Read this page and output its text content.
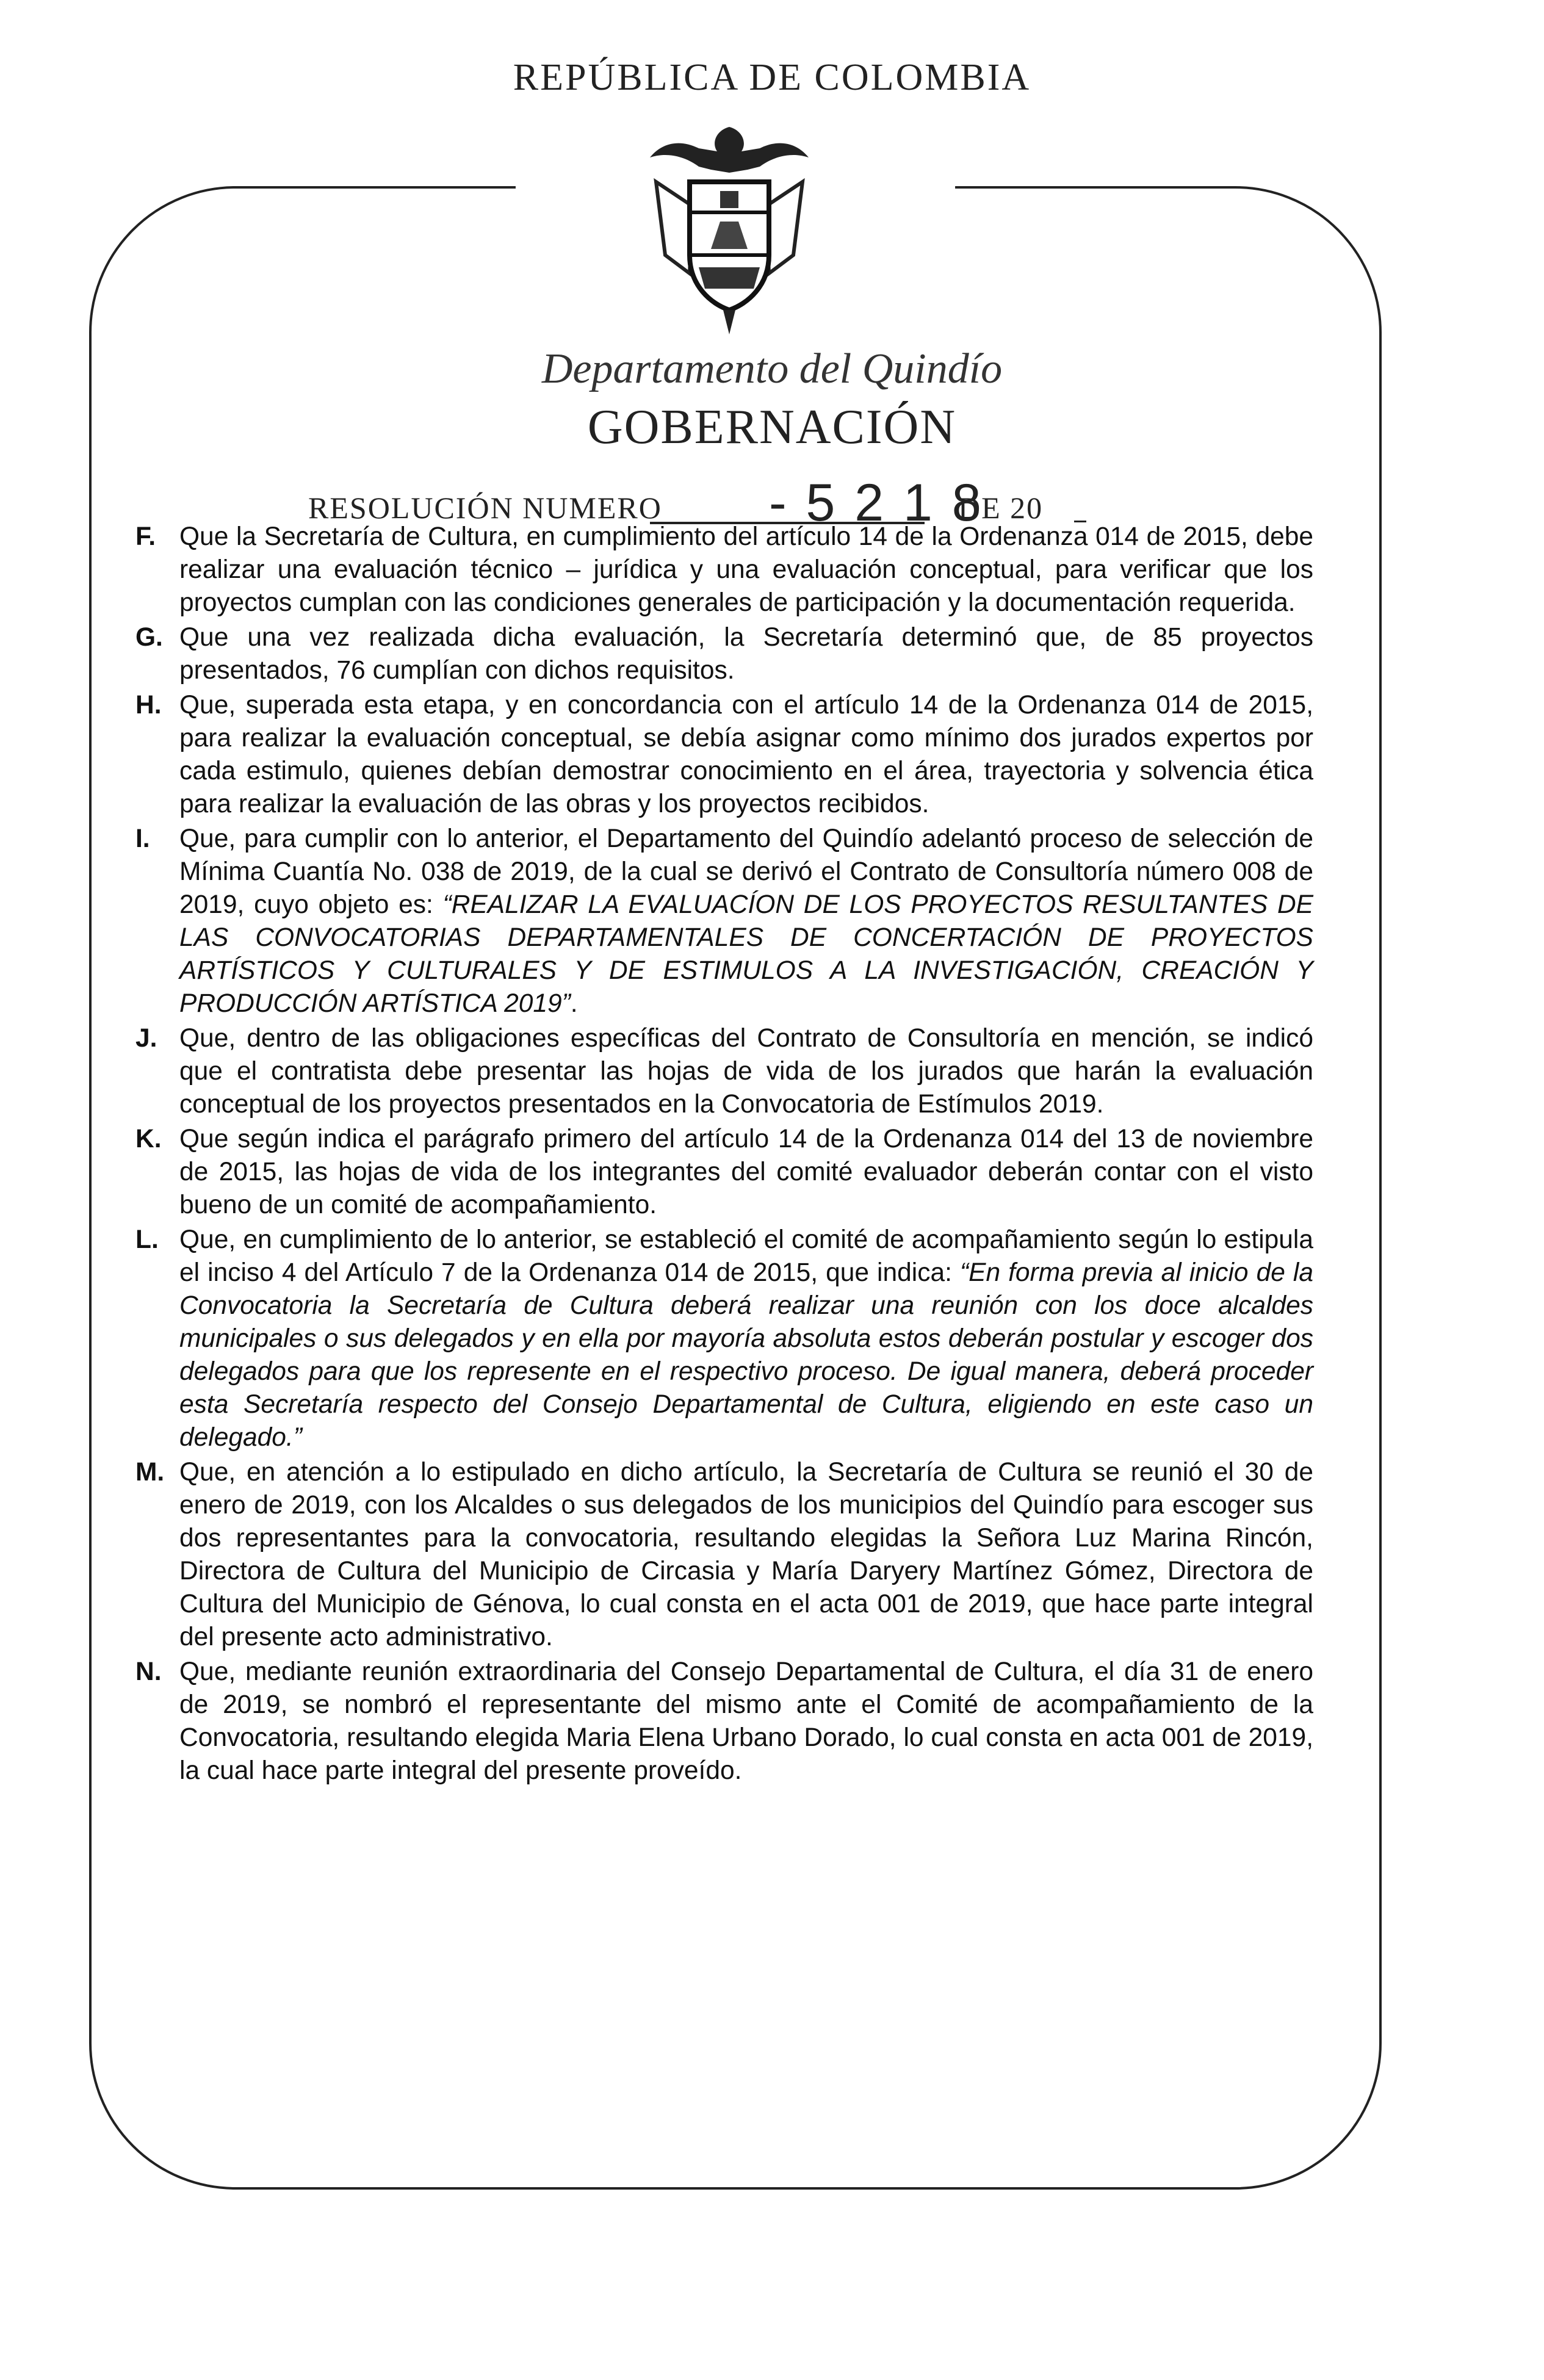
REPÚBLICA DE COLOMBIA
Departamento del Quindío
GOBERNACIÓN
RESOLUCIÓN NUMERO - 5 2 1 8
DE 20
F. Que la Secretaría de Cultura, en cumplimiento del artículo 14 de la Ordenanza 014 de 2015, debe realizar una evaluación técnico – jurídica y una evaluación conceptual, para verificar que los proyectos cumplan con las condiciones generales de participación y la documentación requerida.
G. Que una vez realizada dicha evaluación, la Secretaría determinó que, de 85 proyectos presentados, 76 cumplían con dichos requisitos.
H. Que, superada esta etapa, y en concordancia con el artículo 14 de la Ordenanza 014 de 2015, para realizar la evaluación conceptual, se debía asignar como mínimo dos jurados expertos por cada estimulo, quienes debían demostrar conocimiento en el área, trayectoria y solvencia ética para realizar la evaluación de las obras y los proyectos recibidos.
I.	Que, para cumplir con lo anterior, el Departamento del Quindío adelantó proceso de selección de Mínima Cuantía No. 038 de 2019, de la cual se derivó el Contrato de Consultoría número 008 de 2019, cuyo objeto es: “REALIZAR LA EVALUACÍON DE LOS PROYECTOS RESULTANTES DE LAS CONVOCATORIAS DEPARTAMENTALES DE CONCERTACIÓN DE PROYECTOS ARTÍSTICOS Y CULTURALES Y DE ESTIMULOS A LA INVESTIGACIÓN, CREACIÓN Y PRODUCCIÓN ARTÍSTICA 2019”.
J. Que, dentro de las obligaciones específicas del Contrato de Consultoría en mención, se indicó que el contratista debe presentar las hojas de vida de los jurados que harán la evaluación conceptual de los proyectos presentados en la Convocatoria de Estímulos 2019.
K. Que según indica el parágrafo primero del artículo 14 de la Ordenanza 014 del 13 de noviembre de 2015, las hojas de vida de los integrantes del comité evaluador deberán contar con el visto bueno de un comité de acompañamiento.
L. Que, en cumplimiento de lo anterior, se estableció el comité de acompañamiento según lo estipula el inciso 4 del Artículo 7 de la Ordenanza 014 de 2015, que indica: “En forma previa al inicio de la Convocatoria la Secretaría de Cultura deberá realizar una reunión con los doce alcaldes municipales o sus delegados y en ella por mayoría absoluta estos deberán postular y escoger dos delegados para que los represente en el respectivo proceso. De igual manera, deberá proceder esta Secretaría respecto del Consejo Departamental de Cultura, eligiendo en este caso un delegado.”
M. Que, en atención a lo estipulado en dicho artículo, la Secretaría de Cultura se reunió el 30 de enero de 2019, con los Alcaldes o sus delegados de los municipios del Quindío para escoger sus dos representantes para la convocatoria, resultando elegidas la Señora Luz Marina Rincón, Directora de Cultura del Municipio de Circasia y María Daryery Martínez Gómez, Directora de Cultura del Municipio de Génova, lo cual consta en el acta 001 de 2019, que hace parte integral del presente acto administrativo.
N. Que, mediante reunión extraordinaria del Consejo Departamental de Cultura, el día 31 de enero de 2019, se nombró el representante del mismo ante el Comité de acompañamiento de la Convocatoria, resultando elegida Maria Elena Urbano Dorado, lo cual consta en acta 001 de 2019, la cual hace parte integral del presente proveído.
